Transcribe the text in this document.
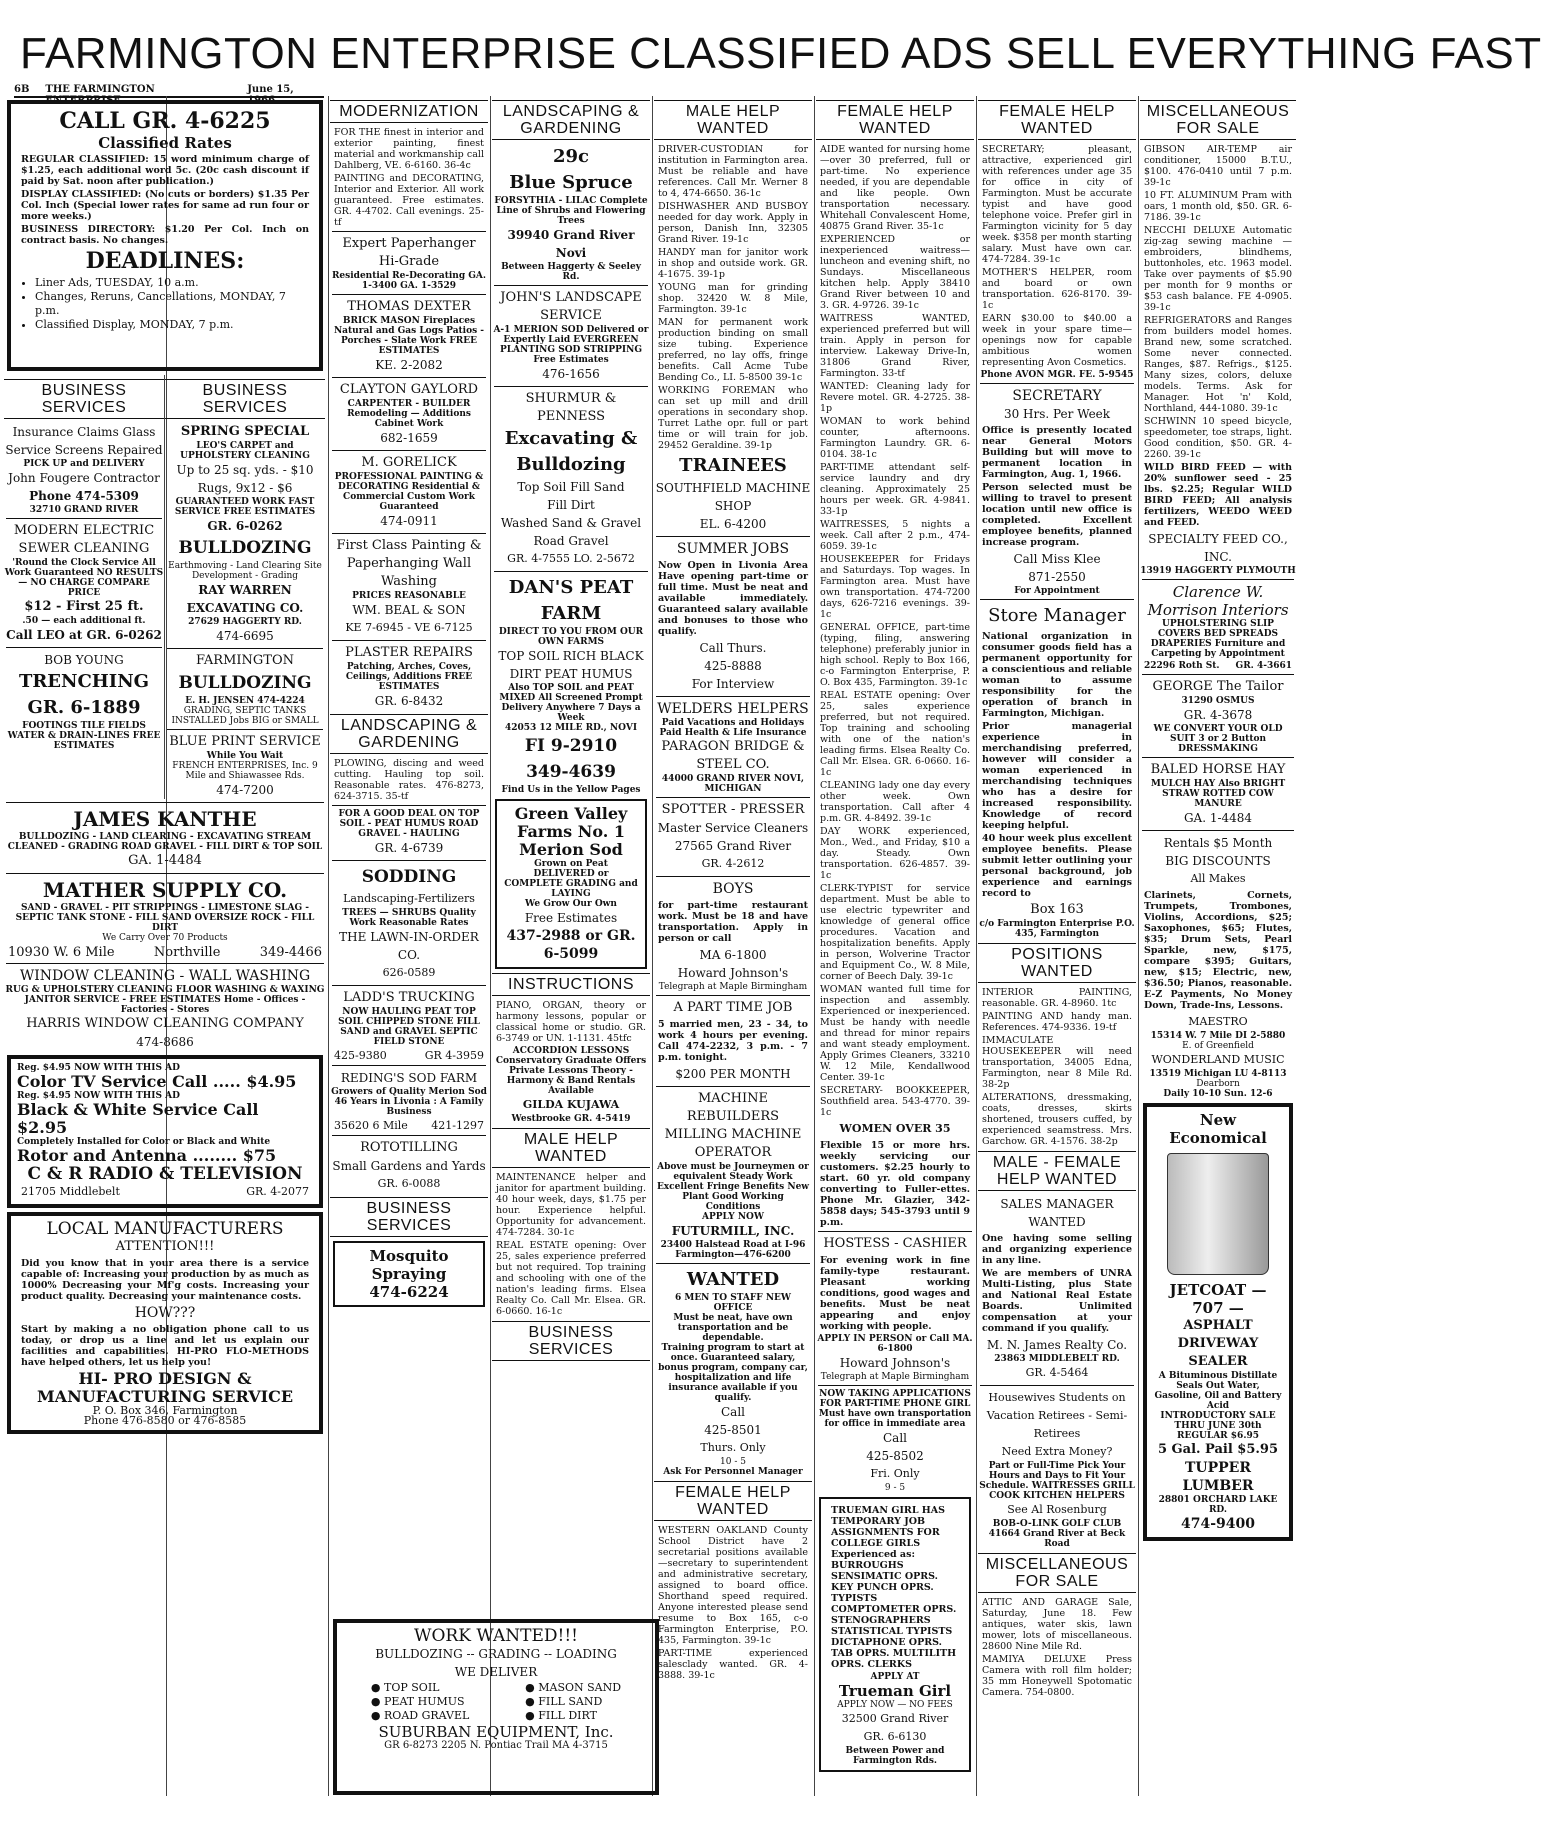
FARMINGTON ENTERPRISE CLASSIFIED ADS SELL EVERYTHING FAST
6B THE FARMINGTON ENTERPRISE
June 15, 1966
CALL GR. 4-6225
Classified Rates
REGULAR CLASSIFIED: 15 word minimum charge of $1.25, each additional word 5c. (20c cash discount if paid by Sat. noon after publication.)
DISPLAY CLASSIFIED: (No cuts or borders) $1.35 Per Col. Inch (Special lower rates for same ad run four or more weeks.)
BUSINESS DIRECTORY: $1.20 Per Col. Inch on contract basis. No changes.
DEADLINES:
• Liner Ads, TUESDAY, 10 a.m.
• Changes, Reruns, Cancellations, MONDAY, 7 p.m.
• Classified Display, MONDAY, 7 p.m.
BUSINESS SERVICES
Insurance Claims Glass Service Screens Repaired
PICK UP and DELIVERY
John Fougere Contractor
Phone 474-5309
32710 GRAND RIVER
MODERN ELECTRIC SEWER CLEANING
'Round the Clock Service All Work Guaranteed NO RESULTS — NO CHARGE COMPARE PRICE
$12 - First 25 ft.
.50 — each additional ft.
Call LEO at GR. 6-0262
BOB YOUNG
TRENCHING
GR. 6-1889
FOOTINGS TILE FIELDS WATER & DRAIN-LINES FREE ESTIMATES
BUSINESS SERVICES
SPRING SPECIAL
LEO'S CARPET and UPHOLSTERY CLEANING
Up to 25 sq. yds. - $10
Rugs, 9x12 - $6
GUARANTEED WORK FAST SERVICE FREE ESTIMATES
GR. 6-0262
BULLDOZING
Earthmoving - Land Clearing Site Development - Grading
RAY WARREN EXCAVATING CO.
27629 HAGGERTY RD.
474-6695
FARMINGTON
BULLDOZING
E. H. JENSEN 474-4224
GRADING, SEPTIC TANKS INSTALLED Jobs BIG or SMALL
BLUE PRINT SERVICE
While You Wait
FRENCH ENTERPRISES, Inc. 9 Mile and Shiawassee Rds.
474-7200
JAMES KANTHE
BULLDOZING - LAND CLEARING - EXCAVATING STREAM CLEANED - GRADING ROAD GRAVEL - FILL DIRT & TOP SOIL
GA. 1-4484
MATHER SUPPLY CO.
SAND - GRAVEL - PIT STRIPPINGS - LIMESTONE SLAG - SEPTIC TANK STONE - FILL SAND OVERSIZE ROCK - FILL DIRT
We Carry Over 70 Products
10930 W. 6 Mile	Northville	349-4466
WINDOW CLEANING - WALL WASHING
RUG & UPHOLSTERY CLEANING FLOOR WASHING & WAXING JANITOR SERVICE - FREE ESTIMATES Home - Offices - Factories - Stores
HARRIS WINDOW CLEANING COMPANY
474-8686
Reg. $4.95 NOW WITH THIS AD
Color TV Service Call ..... $4.95
Reg. $4.95 NOW WITH THIS AD
Black & White Service Call $2.95
Completely Installed for Color or Black and White
Rotor and Antenna ........ $75
C & R RADIO & TELEVISION
21705 Middlebelt	GR. 4-2077
LOCAL MANUFACTURERS
ATTENTION!!!
Did you know that in your area there is a service capable of: Increasing your production by as much as 1000% Decreasing your Mf'g costs. Increasing your product quality. Decreasing your maintenance costs.
HOW???
Start by making a no obligation phone call to us today, or drop us a line and let us explain our facilities and capabilities. HI-PRO FLO-METHODS have helped others, let us help you!
HI- PRO DESIGN & MANUFACTURING SERVICE
P. O. Box 346, Farmington
Phone 476-8580 or 476-8585
MODERNIZATION
FOR THE finest in interior and exterior painting, finest material and workmanship call Dahlberg, VE. 6-6160. 36-4c
PAINTING and DECORATING, Interior and Exterior. All work guaranteed. Free estimates. GR. 4-4702. Call evenings. 25-tf
Expert Paperhanger
Hi-Grade
Residential Re-Decorating GA. 1-3400 GA. 1-3529
THOMAS DEXTER
BRICK MASON Fireplaces Natural and Gas Logs Patios - Porches - Slate Work FREE ESTIMATES
KE. 2-2082
CLAYTON GAYLORD
CARPENTER - BUILDER Remodeling — Additions Cabinet Work
682-1659
M. GORELICK
PROFESSIONAL PAINTING & DECORATING Residential & Commercial Custom Work Guaranteed
474-0911
First Class Painting & Paperhanging Wall Washing
PRICES REASONABLE
WM. BEAL & SON
KE 7-6945 - VE 6-7125
PLASTER REPAIRS
Patching, Arches, Coves, Ceilings, Additions FREE ESTIMATES
GR. 6-8432
LANDSCAPING & GARDENING
PLOWING, discing and weed cutting. Hauling top soil. Reasonable rates. 476-8273, 624-3715. 35-tf
FOR A GOOD DEAL ON TOP SOIL - PEAT HUMUS ROAD GRAVEL - HAULING
GR. 4-6739
SODDING
Landscaping-Fertilizers
TREES — SHRUBS Quality Work Reasonable Rates
THE LAWN-IN-ORDER CO.
626-0589
LADD'S TRUCKING
NOW HAULING PEAT TOP SOIL CHIPPED STONE FILL SAND and GRAVEL SEPTIC FIELD STONE
425-9380	GR 4-3959
REDING'S SOD FARM
Growers of Quality Merion Sod 46 Years in Livonia : A Family Business
35620 6 Mile 421-1297
ROTOTILLING
Small Gardens and Yards
GR. 6-0088
BUSINESS SERVICES
Mosquito Spraying
474-6224
LANDSCAPING & GARDENING
29c
Blue Spruce
FORSYTHIA - LILAC Complete Line of Shrubs and Flowering Trees
39940 Grand River
Novi
Between Haggerty & Seeley Rd.
JOHN'S LANDSCAPE SERVICE
A-1 MERION SOD Delivered or Expertly Laid EVERGREEN PLANTING SOD STRIPPING Free Estimates
476-1656
SHURMUR & PENNESS
Excavating & Bulldozing
Top Soil Fill Sand
Fill Dirt
Washed Sand & Gravel Road Gravel
GR. 4-7555 LO. 2-5672
DAN'S PEAT FARM
DIRECT TO YOU FROM OUR OWN FARMS
TOP SOIL RICH BLACK DIRT PEAT HUMUS
Also TOP SOIL and PEAT MIXED All Screened Prompt Delivery Anywhere 7 Days a Week
42053 12 MILE RD., NOVI
FI 9-2910
349-4639
Find Us in the Yellow Pages
Green Valley Farms No. 1 Merion Sod
Grown on Peat DELIVERED or COMPLETE GRADING and LAYING
We Grow Our Own
Free Estimates
437-2988 or GR. 6-5099
INSTRUCTIONS
PIANO, ORGAN, theory or harmony lessons, popular or classical home or studio. GR. 6-3749 or UN. 1-1131. 45tfc
ACCORDION LESSONS Conservatory Graduate Offers Private Lessons Theory - Harmony & Band Rentals Available
GILDA KUJAWA
Westbrooke GR. 4-5419
MALE HELP WANTED
MAINTENANCE helper and janitor for apartment building. 40 hour week, days, $1.75 per hour. Experience helpful. Opportunity for advancement. 474-7284. 30-1c
REAL ESTATE opening: Over 25, sales experience preferred but not required. Top training and schooling with one of the nation's leading firms. Elsea Realty Co. Call Mr. Elsea. GR. 6-0660. 16-1c
BUSINESS SERVICES
WORK WANTED!!!
BULLDOZING -- GRADING -- LOADING
WE DELIVER
● TOP SOIL
● PEAT HUMUS
● ROAD GRAVEL
● MASON SAND
● FILL SAND
● FILL DIRT
SUBURBAN EQUIPMENT, Inc.
GR 6-8273 2205 N. Pontiac Trail MA 4-3715
MALE HELP WANTED
DRIVER-CUSTODIAN for institution in Farmington area. Must be reliable and have references. Call Mr. Werner 8 to 4, 474-6650. 36-1c
DISHWASHER AND BUSBOY needed for day work. Apply in person, Danish Inn, 32305 Grand River. 19-1c
HANDY man for janitor work in shop and outside work. GR. 4-1675. 39-1p
YOUNG man for grinding shop. 32420 W. 8 Mile, Farmington. 39-1c
MAN for permanent work production binding on small size tubing. Experience preferred, no lay offs, fringe benefits. Call Acme Tube Bending Co., LI. 5-8500 39-1c
WORKING FOREMAN who can set up mill and drill operations in secondary shop. Turret Lathe opr. full or part time or will train for job. 29452 Geraldine. 39-1p
TRAINEES
SOUTHFIELD MACHINE SHOP
EL. 6-4200
SUMMER JOBS
Now Open in Livonia Area Have opening part-time or full time. Must be neat and available immediately. Guaranteed salary available and bonuses to those who qualify.
Call Thurs.
425-8888
For Interview
WELDERS HELPERS
Paid Vacations and Holidays Paid Health & Life Insurance
PARAGON BRIDGE & STEEL CO.
44000 GRAND RIVER NOVI, MICHIGAN
SPOTTER - PRESSER
Master Service Cleaners
27565 Grand River
GR. 4-2612
BOYS
for part-time restaurant work. Must be 18 and have transportation. Apply in person or call
MA 6-1800
Howard Johnson's
Telegraph at Maple Birmingham
A PART TIME JOB
5 married men, 23 - 34, to work 4 hours per evening. Call 474-2232, 3 p.m. - 7 p.m. tonight.
$200 PER MONTH
MACHINE REBUILDERS MILLING MACHINE OPERATOR
Above must be Journeymen or equivalent Steady Work Excellent Fringe Benefits New Plant Good Working Conditions
APPLY NOW
FUTURMILL, INC.
23400 Halstead Road at I-96 Farmington—476-6200
WANTED
6 MEN TO STAFF NEW OFFICE
Must be neat, have own transportation and be dependable.
Training program to start at once. Guaranteed salary, bonus program, company car, hospitalization and life insurance available if you qualify.
Call
425-8501
Thurs. Only
10 - 5
Ask For Personnel Manager
FEMALE HELP WANTED
WESTERN OAKLAND County School District have 2 secretarial positions available—secretary to superintendent and administrative secretary, assigned to board office. Shorthand speed required. Anyone interested please send resume to Box 165, c-o Farmington Enterprise, P.O. 435, Farmington. 39-1c
PART-TIME experienced salesclady wanted. GR. 4-3888. 39-1c
FEMALE HELP WANTED
AIDE wanted for nursing home—over 30 preferred, full or part-time. No experience needed, if you are dependable and like people. Own transportation necessary. Whitehall Convalescent Home, 40875 Grand River. 35-1c
EXPERIENCED or inexperienced waitress—luncheon and evening shift, no Sundays. Miscellaneous kitchen help. Apply 38410 Grand River between 10 and 3. GR. 4-9726. 39-1c
WAITRESS WANTED, experienced preferred but will train. Apply in person for interview. Lakeway Drive-In, 31806 Grand River, Farmington. 33-tf
WANTED: Cleaning lady for Revere motel. GR. 4-2725. 38-1p
WOMAN to work behind counter, afternoons. Farmington Laundry. GR. 6-0104. 38-1c
PART-TIME attendant self-service laundry and dry cleaning. Approximately 25 hours per week. GR. 4-9841. 33-1p
WAITRESSES, 5 nights a week. Call after 2 p.m., 474-6059. 39-1c
HOUSEKEEPER for Fridays and Saturdays. Top wages. In Farmington area. Must have own transportation. 474-7200 days, 626-7216 evenings. 39-1c
GENERAL OFFICE, part-time (typing, filing, answering telephone) preferably junior in high school. Reply to Box 166, c-o Farmington Enterprise, P. O. Box 435, Farmington. 39-1c
REAL ESTATE opening: Over 25, sales experience preferred, but not required. Top training and schooling with one of the nation's leading firms. Elsea Realty Co. Call Mr. Elsea. GR. 6-0660. 16-1c
CLEANING lady one day every other week. Own transportation. Call after 4 p.m. GR. 4-8492. 39-1c
DAY WORK experienced, Mon., Wed., and Friday, $10 a day. Steady. Own transportation. 626-4857. 39-1c
CLERK-TYPIST for service department. Must be able to use electric typewriter and knowledge of general office procedures. Vacation and hospitalization benefits. Apply in person, Wolverine Tractor and Equipment Co., W. 8 Mile, corner of Beech Daly. 39-1c
WOMAN wanted full time for inspection and assembly. Experienced or inexperienced. Must be handy with needle and thread for minor repairs and want steady employment. Apply Grimes Cleaners, 33210 W. 12 Mile, Kendallwood Center. 39-1c
SECRETARY- BOOKKEEPER, Southfield area. 543-4770. 39-1c
WOMEN OVER 35
Flexible 15 or more hrs. weekly servicing our customers. $2.25 hourly to start. 60 yr. old company converting to Fuller-ettes. Phone Mr. Glazier, 342-5858 days; 545-3793 until 9 p.m.
HOSTESS - CASHIER
For evening work in fine family-type restaurant. Pleasant working conditions, good wages and benefits. Must be neat appearing and enjoy working with people.
APPLY IN PERSON or Call MA. 6-1800
Howard Johnson's
Telegraph at Maple Birmingham
NOW TAKING APPLICATIONS FOR PART-TIME PHONE GIRL
Must have own transportation for office in immediate area
Call
425-8502
Fri. Only
9 - 5
TRUEMAN GIRL HAS TEMPORARY JOB ASSIGNMENTS FOR COLLEGE GIRLS Experienced as: BURROUGHS SENSIMATIC OPRS. KEY PUNCH OPRS. TYPISTS COMPTOMETER OPRS. STENOGRAPHERS STATISTICAL TYPISTS DICTAPHONE OPRS. TAB OPRS. MULTILITH OPRS. CLERKS
APPLY AT
Trueman Girl
APPLY NOW — NO FEES
32500 Grand River
GR. 6-6130
Between Power and Farmington Rds.
FEMALE HELP WANTED
SECRETARY; pleasant, attractive, experienced girl with references under age 35 for office in city of Farmington. Must be accurate typist and have good telephone voice. Prefer girl in Farmington vicinity for 5 day week. $358 per month starting salary. Must have own car. 474-7284. 39-1c
MOTHER'S HELPER, room and board or own transportation. 626-8170. 39-1c
EARN $30.00 to $40.00 a week in your spare time—openings now for capable ambitious women representing Avon Cosmetics.
Phone AVON MGR. FE. 5-9545
SECRETARY
30 Hrs. Per Week
Office is presently located near General Motors Building but will move to permanent location in Farmington, Aug. 1, 1966.
Person selected must be willing to travel to present location until new office is completed. Excellent employee benefits, planned increase program.
Call Miss Klee
871-2550
For Appointment
Store Manager
National organization in consumer goods field has a permanent opportunity for a conscientious and reliable woman to assume responsibility for the operation of branch in Farmington, Michigan.
Prior managerial experience in merchandising preferred, however will consider a woman experienced in merchandising techniques who has a desire for increased responsibility. Knowledge of record keeping helpful.
40 hour week plus excellent employee benefits. Please submit letter outlining your personal background, job experience and earnings record to
Box 163
c/o Farmington Enterprise P.O. 435, Farmington
POSITIONS WANTED
INTERIOR PAINTING, reasonable. GR. 4-8960. 1tc
PAINTING AND handy man. References. 474-9336. 19-tf
IMMACULATE HOUSEKEEPER will need transportation, 34005 Edna, Farmington, near 8 Mile Rd. 38-2p
ALTERATIONS, dressmaking, coats, dresses, skirts shortened, trousers cuffed, by experienced seamstress. Mrs. Garchow. GR. 4-1576. 38-2p
MALE - FEMALE HELP WANTED
SALES MANAGER WANTED
One having some selling and organizing experience in any line.
We are members of UNRA Multi-Listing, plus State and National Real Estate Boards. Unlimited compensation at your command if you qualify.
M. N. James Realty Co.
23863 MIDDLEBELT RD.
GR. 4-5464
Housewives Students on Vacation Retirees - Semi-Retirees
Need Extra Money?
Part or Full-Time Pick Your Hours and Days to Fit Your Schedule. WAITRESSES GRILL COOK KITCHEN HELPERS
See Al Rosenburg
BOB-O-LINK GOLF CLUB 41664 Grand River at Beck Road
MISCELLANEOUS FOR SALE
ATTIC AND GARAGE Sale, Saturday, June 18. Few antiques, water skis, lawn mower, lots of miscellaneous. 28600 Nine Mile Rd.
MAMIYA DELUXE Press Camera with roll film holder; 35 mm Honeywell Spotomatic Camera. 754-0800.
MISCELLANEOUS FOR SALE
GIBSON AIR-TEMP air conditioner, 15000 B.T.U., $100. 476-0410 until 7 p.m. 39-1c
10 FT. ALUMINUM Pram with oars, 1 month old, $50. GR. 6-7186. 39-1c
NECCHI DELUXE Automatic zig-zag sewing machine — embroiders, blindhems, buttonholes, etc. 1963 model. Take over payments of $5.90 per month for 9 months or $53 cash balance. FE 4-0905. 39-1c
REFRIGERATORS and Ranges from builders model homes. Brand new, some scratched. Some never connected. Ranges, $87. Refrigs., $125. Many sizes, colors, deluxe models. Terms. Ask for Manager. Hot 'n' Kold, Northland, 444-1080. 39-1c
SCHWINN 10 speed bicycle, speedometer, toe straps, light. Good condition, $50. GR. 4-2260. 39-1c
WILD BIRD FEED — with 20% sunflower seed - 25 lbs. $2.25; Regular WILD BIRD FEED; All analysis fertilizers, WEEDO WEED and FEED.
SPECIALTY FEED CO., INC.
13919 HAGGERTY PLYMOUTH
Clarence W. Morrison Interiors
UPHOLSTERING SLIP COVERS BED SPREADS DRAPERIES Furniture and Carpeting by Appointment
22296 Roth St. GR. 4-3661
GEORGE The Tailor
31290 OSMUS
GR. 4-3678
WE CONVERT YOUR OLD SUIT 3 or 2 Button DRESSMAKING
BALED HORSE HAY
MULCH HAY Also BRIGHT STRAW ROTTED COW MANURE
GA. 1-4484
Rentals $5 Month
BIG DISCOUNTS
All Makes
Clarinets, Cornets, Trumpets, Trombones, Violins, Accordions, $25; Saxophones, $65; Flutes, $35; Drum Sets, Pearl Sparkle, new, $175, compare $395; Guitars, new, $15; Electric, new, $36.50; Pianos, reasonable. E-Z Payments, No Money Down, Trade-Ins, Lessons.
MAESTRO
15314 W. 7 Mile DI 2-5880
E. of Greenfield
WONDERLAND MUSIC
13519 Michigan LU 4-8113
Dearborn
Daily 10-10 Sun. 12-6
New Economical
JETCOAT — 707 —
ASPHALT DRIVEWAY SEALER
A Bituminous Distillate Seals Out Water, Gasoline, Oil and Battery Acid
INTRODUCTORY SALE THRU JUNE 30th
REGULAR $6.95
5 Gal. Pail $5.95
TUPPER LUMBER
28801 ORCHARD LAKE RD.
474-9400
